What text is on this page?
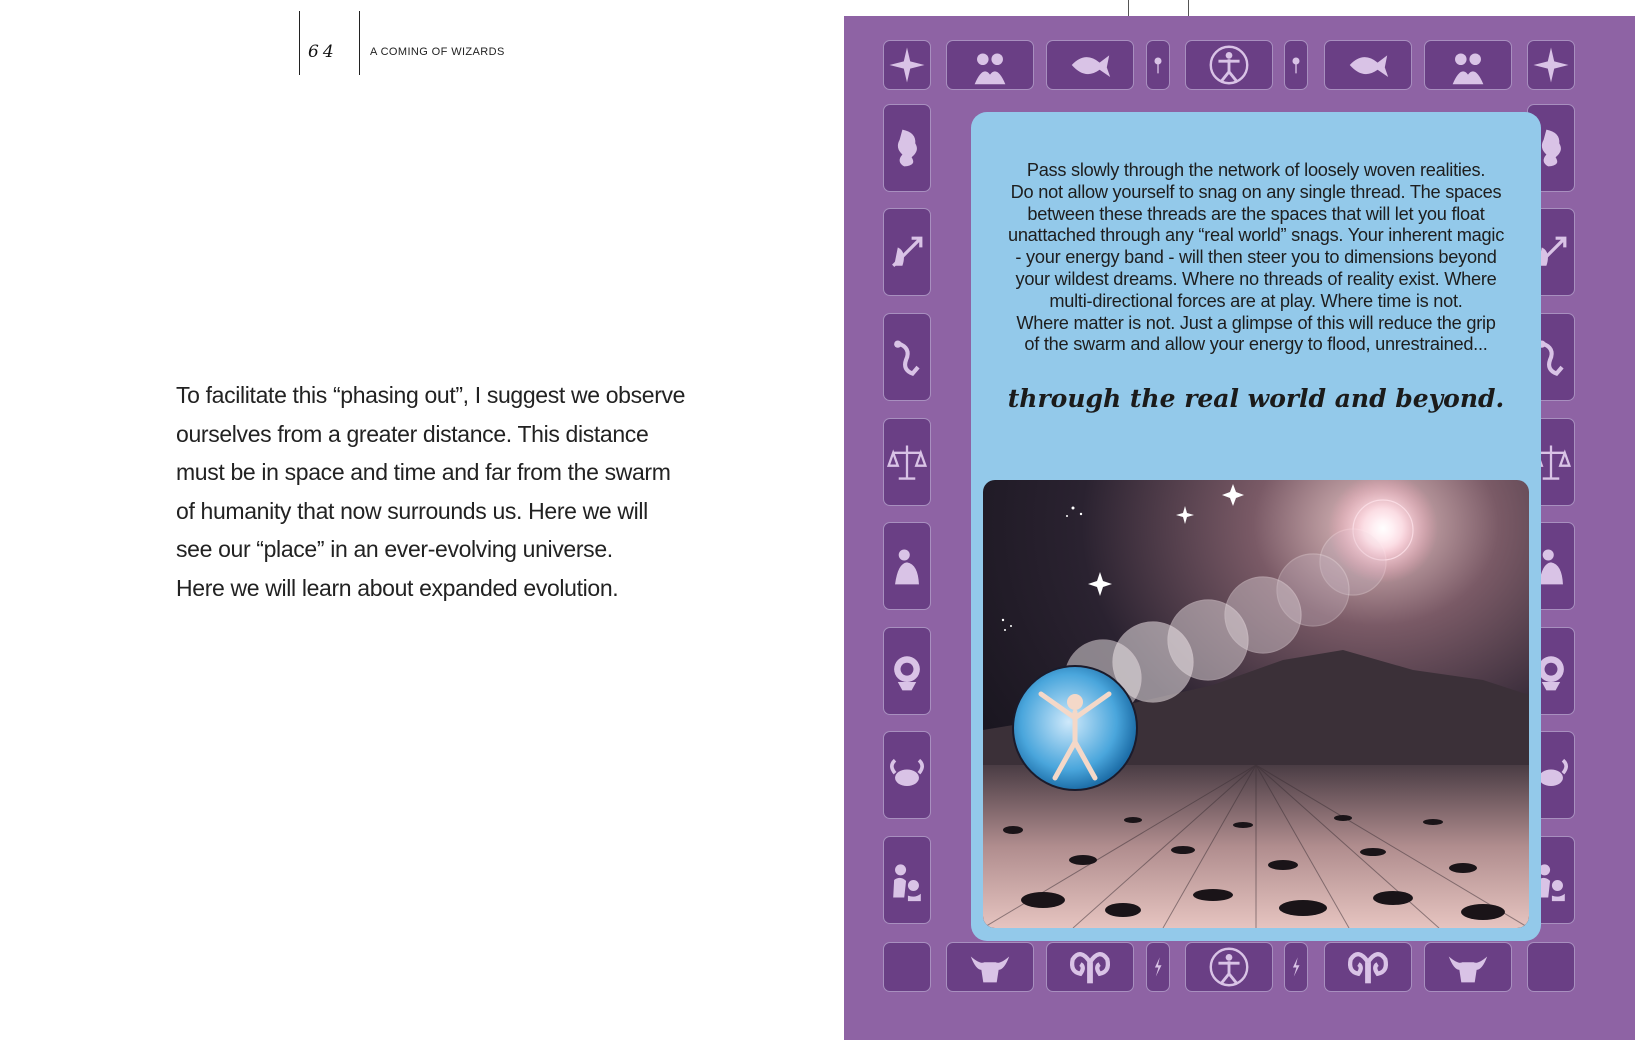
64	A COMING OF WIZARDS
To facilitate this “phasing out”, I suggest we observe
ourselves from a greater distance. This distance
must be in space and time and far from the swarm
of humanity that now surrounds us. Here we will
see our “place” in an ever-evolving universe.
Here we will learn about expanded evolution.
Pass slowly through the network of loosely woven realities.
Do not allow yourself to snag on any single thread. The spaces
between these threads are the spaces that will let you float
unattached through any “real world” snags. Your inherent magic
- your energy band - will then steer you to dimensions beyond
your wildest dreams. Where no threads of reality exist. Where
multi-directional forces are at play. Where time is not.
Where matter is not. Just a glimpse of this will reduce the grip
of the swarm and allow your energy to flood, unrestrained...
through the real world and beyond.
